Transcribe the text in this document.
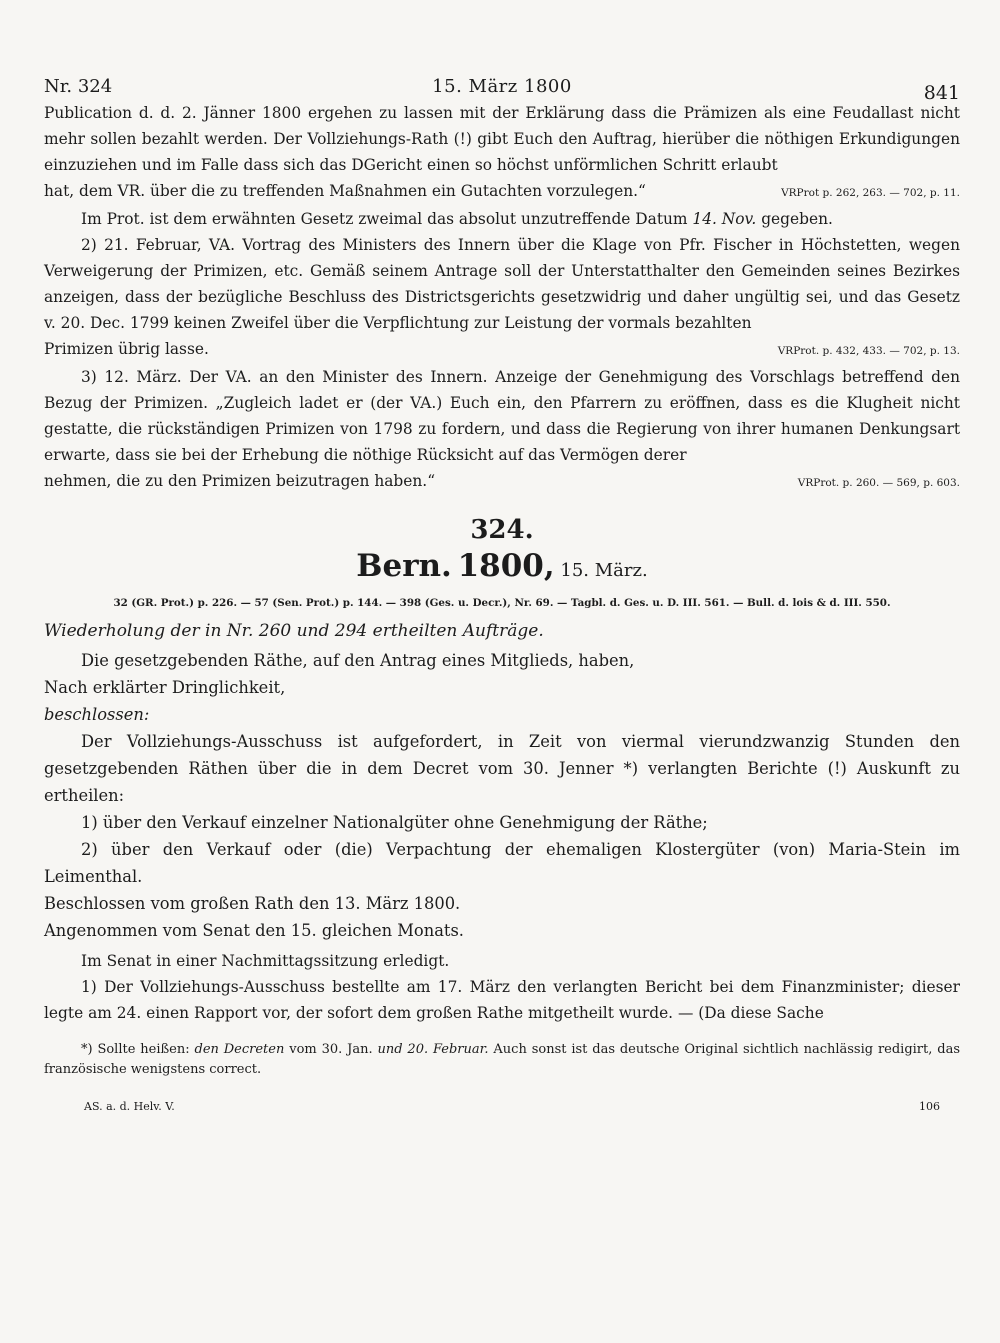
Nr. 324	15. März 1800	841

Publication d. d. 2. Jänner 1800 ergehen zu lassen mit der Erklärung dass die Prämizen als eine Feudallast nicht mehr sollen bezahlt werden. Der Vollziehungs-Rath (!) gibt Euch den Auftrag, hierüber die nöthigen Erkundigungen einzuziehen und im Falle dass sich das DGericht einen so höchst unförmlichen Schritt erlaubt

hat, dem VR. über die zu treffenden Maßnahmen ein Gutachten vorzulegen.“	VRProt p. 262, 263. — 702, p. 11.

Im Prot. ist dem erwähnten Gesetz zweimal das absolut unzutreffende Datum 14. Nov. gegeben.

2) 21. Februar, VA. Vortrag des Ministers des Innern über die Klage von Pfr. Fischer in Höchstetten, wegen Verweigerung der Primizen, etc. Gemäß seinem Antrage soll der Unterstatthalter den Gemeinden seines Bezirkes anzeigen, dass der bezügliche Beschluss des Districtsgerichts gesetzwidrig und daher ungültig sei, und das Gesetz v. 20. Dec. 1799 keinen Zweifel über die Verpflichtung zur Leistung der vormals bezahlten

Primizen übrig lasse.	VRProt. p. 432, 433. — 702, p. 13.

3) 12. März. Der VA. an den Minister des Innern. Anzeige der Genehmigung des Vorschlags betreffend den Bezug der Primizen. „Zugleich ladet er (der VA.) Euch ein, den Pfarrern zu eröffnen, dass es die Klugheit nicht gestatte, die rückständigen Primizen von 1798 zu fordern, und dass die Regierung von ihrer humanen Denkungsart erwarte, dass sie bei der Erhebung die nöthige Rücksicht auf das Vermögen derer

nehmen, die zu den Primizen beizutragen haben.“	VRProt. p. 260. — 569, p. 603.
324.
Bern. 1800, 15. März.
32 (GR. Prot.) p. 226. — 57 (Sen. Prot.) p. 144. — 398 (Ges. u. Decr.), Nr. 69. — Tagbl. d. Ges. u. D. III. 561. — Bull. d. lois & d. III. 550.

Wiederholung der in Nr. 260 und 294 ertheilten Aufträge.

Die gesetzgebenden Räthe, auf den Antrag eines Mitglieds, haben,

Nach erklärter Dringlichkeit,

beschlossen:

Der Vollziehungs-Ausschuss ist aufgefordert, in Zeit von viermal vierundzwanzig Stunden den gesetzgebenden Räthen über die in dem Decret vom 30. Jenner *) verlangten Berichte (!) Auskunft zu ertheilen:

1) über den Verkauf einzelner Nationalgüter ohne Genehmigung der Räthe;

2) über den Verkauf oder (die) Verpachtung der ehemaligen Klostergüter (von) Maria-Stein im Leimenthal.

Beschlossen vom großen Rath den 13. März 1800.

Angenommen vom Senat den 15. gleichen Monats.

Im Senat in einer Nachmittagssitzung erledigt.

1) Der Vollziehungs-Ausschuss bestellte am 17. März den verlangten Bericht bei dem Finanzminister; dieser legte am 24. einen Rapport vor, der sofort dem großen Rathe mitgetheilt wurde. — (Da diese Sache

*) Sollte heißen: den Decreten vom 30. Jan. und 20. Februar. Auch sonst ist das deutsche Original sichtlich nachlässig redigirt, das französische wenigstens correct.

AS. a. d. Helv. V.	106
